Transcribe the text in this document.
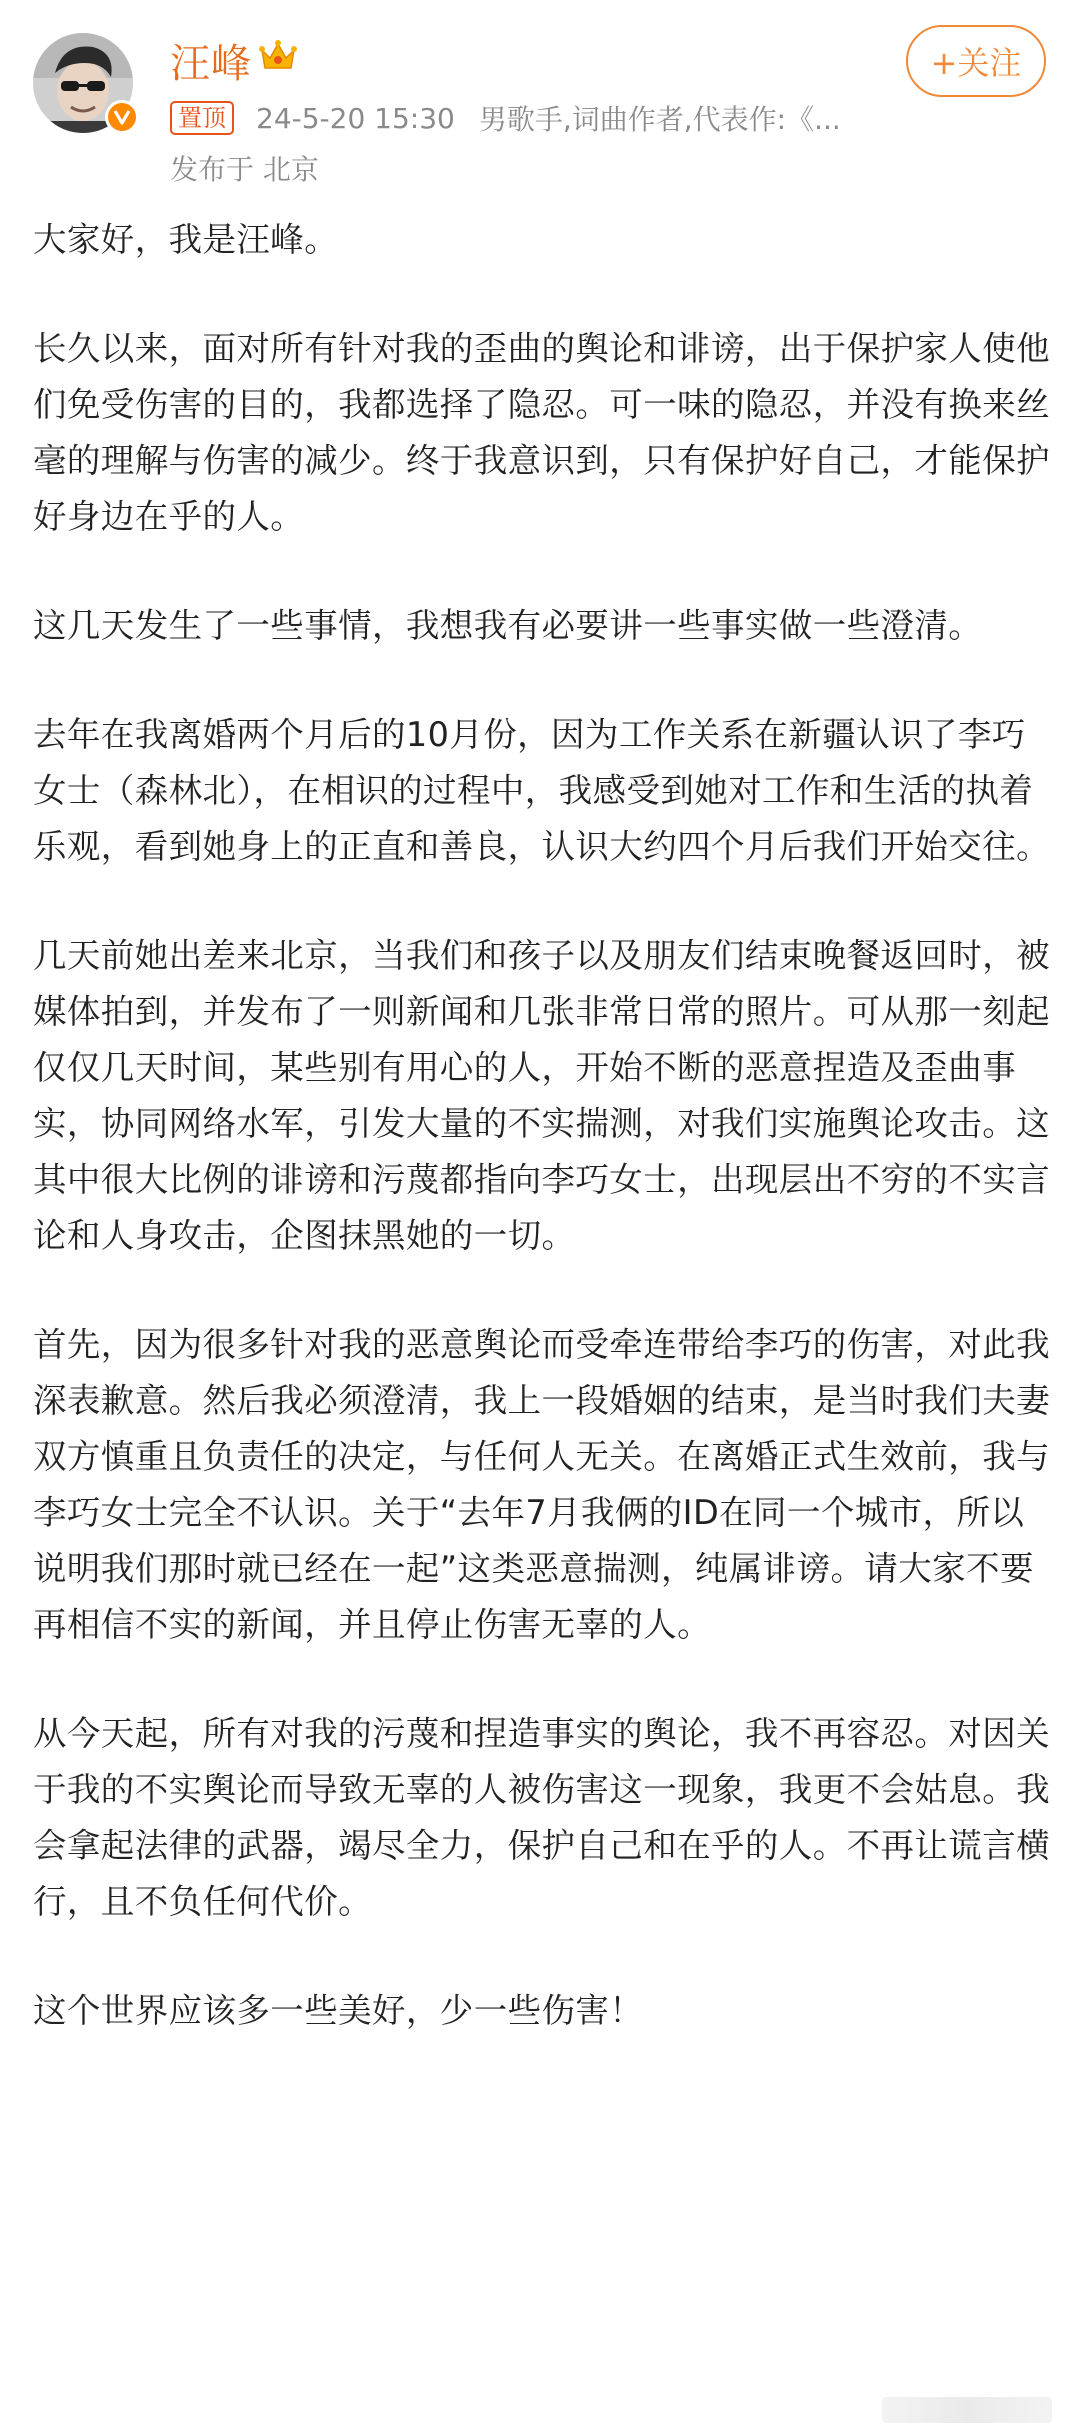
汪峰	+关注
置顶 24-5-20 15:30 男歌手,词曲作者,代表作:《...
发布于 北京

大家好，我是汪峰。

长久以来，面对所有针对我的歪曲的舆论和诽谤，出于保护家人使他们免受伤害的目的，我都选择了隐忍。可一味的隐忍，并没有换来丝毫的理解与伤害的减少。终于我意识到，只有保护好自己，才能保护好身边在乎的人。

这几天发生了一些事情，我想我有必要讲一些事实做一些澄清。

去年在我离婚两个月后的10月份，因为工作关系在新疆认识了李巧女士（森林北），在相识的过程中，我感受到她对工作和生活的执着乐观，看到她身上的正直和善良，认识大约四个月后我们开始交往。

几天前她出差来北京，当我们和孩子以及朋友们结束晚餐返回时，被媒体拍到，并发布了一则新闻和几张非常日常的照片。可从那一刻起仅仅几天时间，某些别有用心的人，开始不断的恶意捏造及歪曲事实，协同网络水军，引发大量的不实揣测，对我们实施舆论攻击。这其中很大比例的诽谤和污蔑都指向李巧女士，出现层出不穷的不实言论和人身攻击，企图抹黑她的一切。

首先，因为很多针对我的恶意舆论而受牵连带给李巧的伤害，对此我深表歉意。然后我必须澄清，我上一段婚姻的结束，是当时我们夫妻双方慎重且负责任的决定，与任何人无关。在离婚正式生效前，我与李巧女士完全不认识。关于“去年7月我俩的ID在同一个城市，所以说明我们那时就已经在一起”这类恶意揣测，纯属诽谤。请大家不要再相信不实的新闻，并且停止伤害无辜的人。

从今天起，所有对我的污蔑和捏造事实的舆论，我不再容忍。对因关于我的不实舆论而导致无辜的人被伤害这一现象，我更不会姑息。我会拿起法律的武器，竭尽全力，保护自己和在乎的人。不再让谎言横行，且不负任何代价。

这个世界应该多一些美好，少一些伤害！
